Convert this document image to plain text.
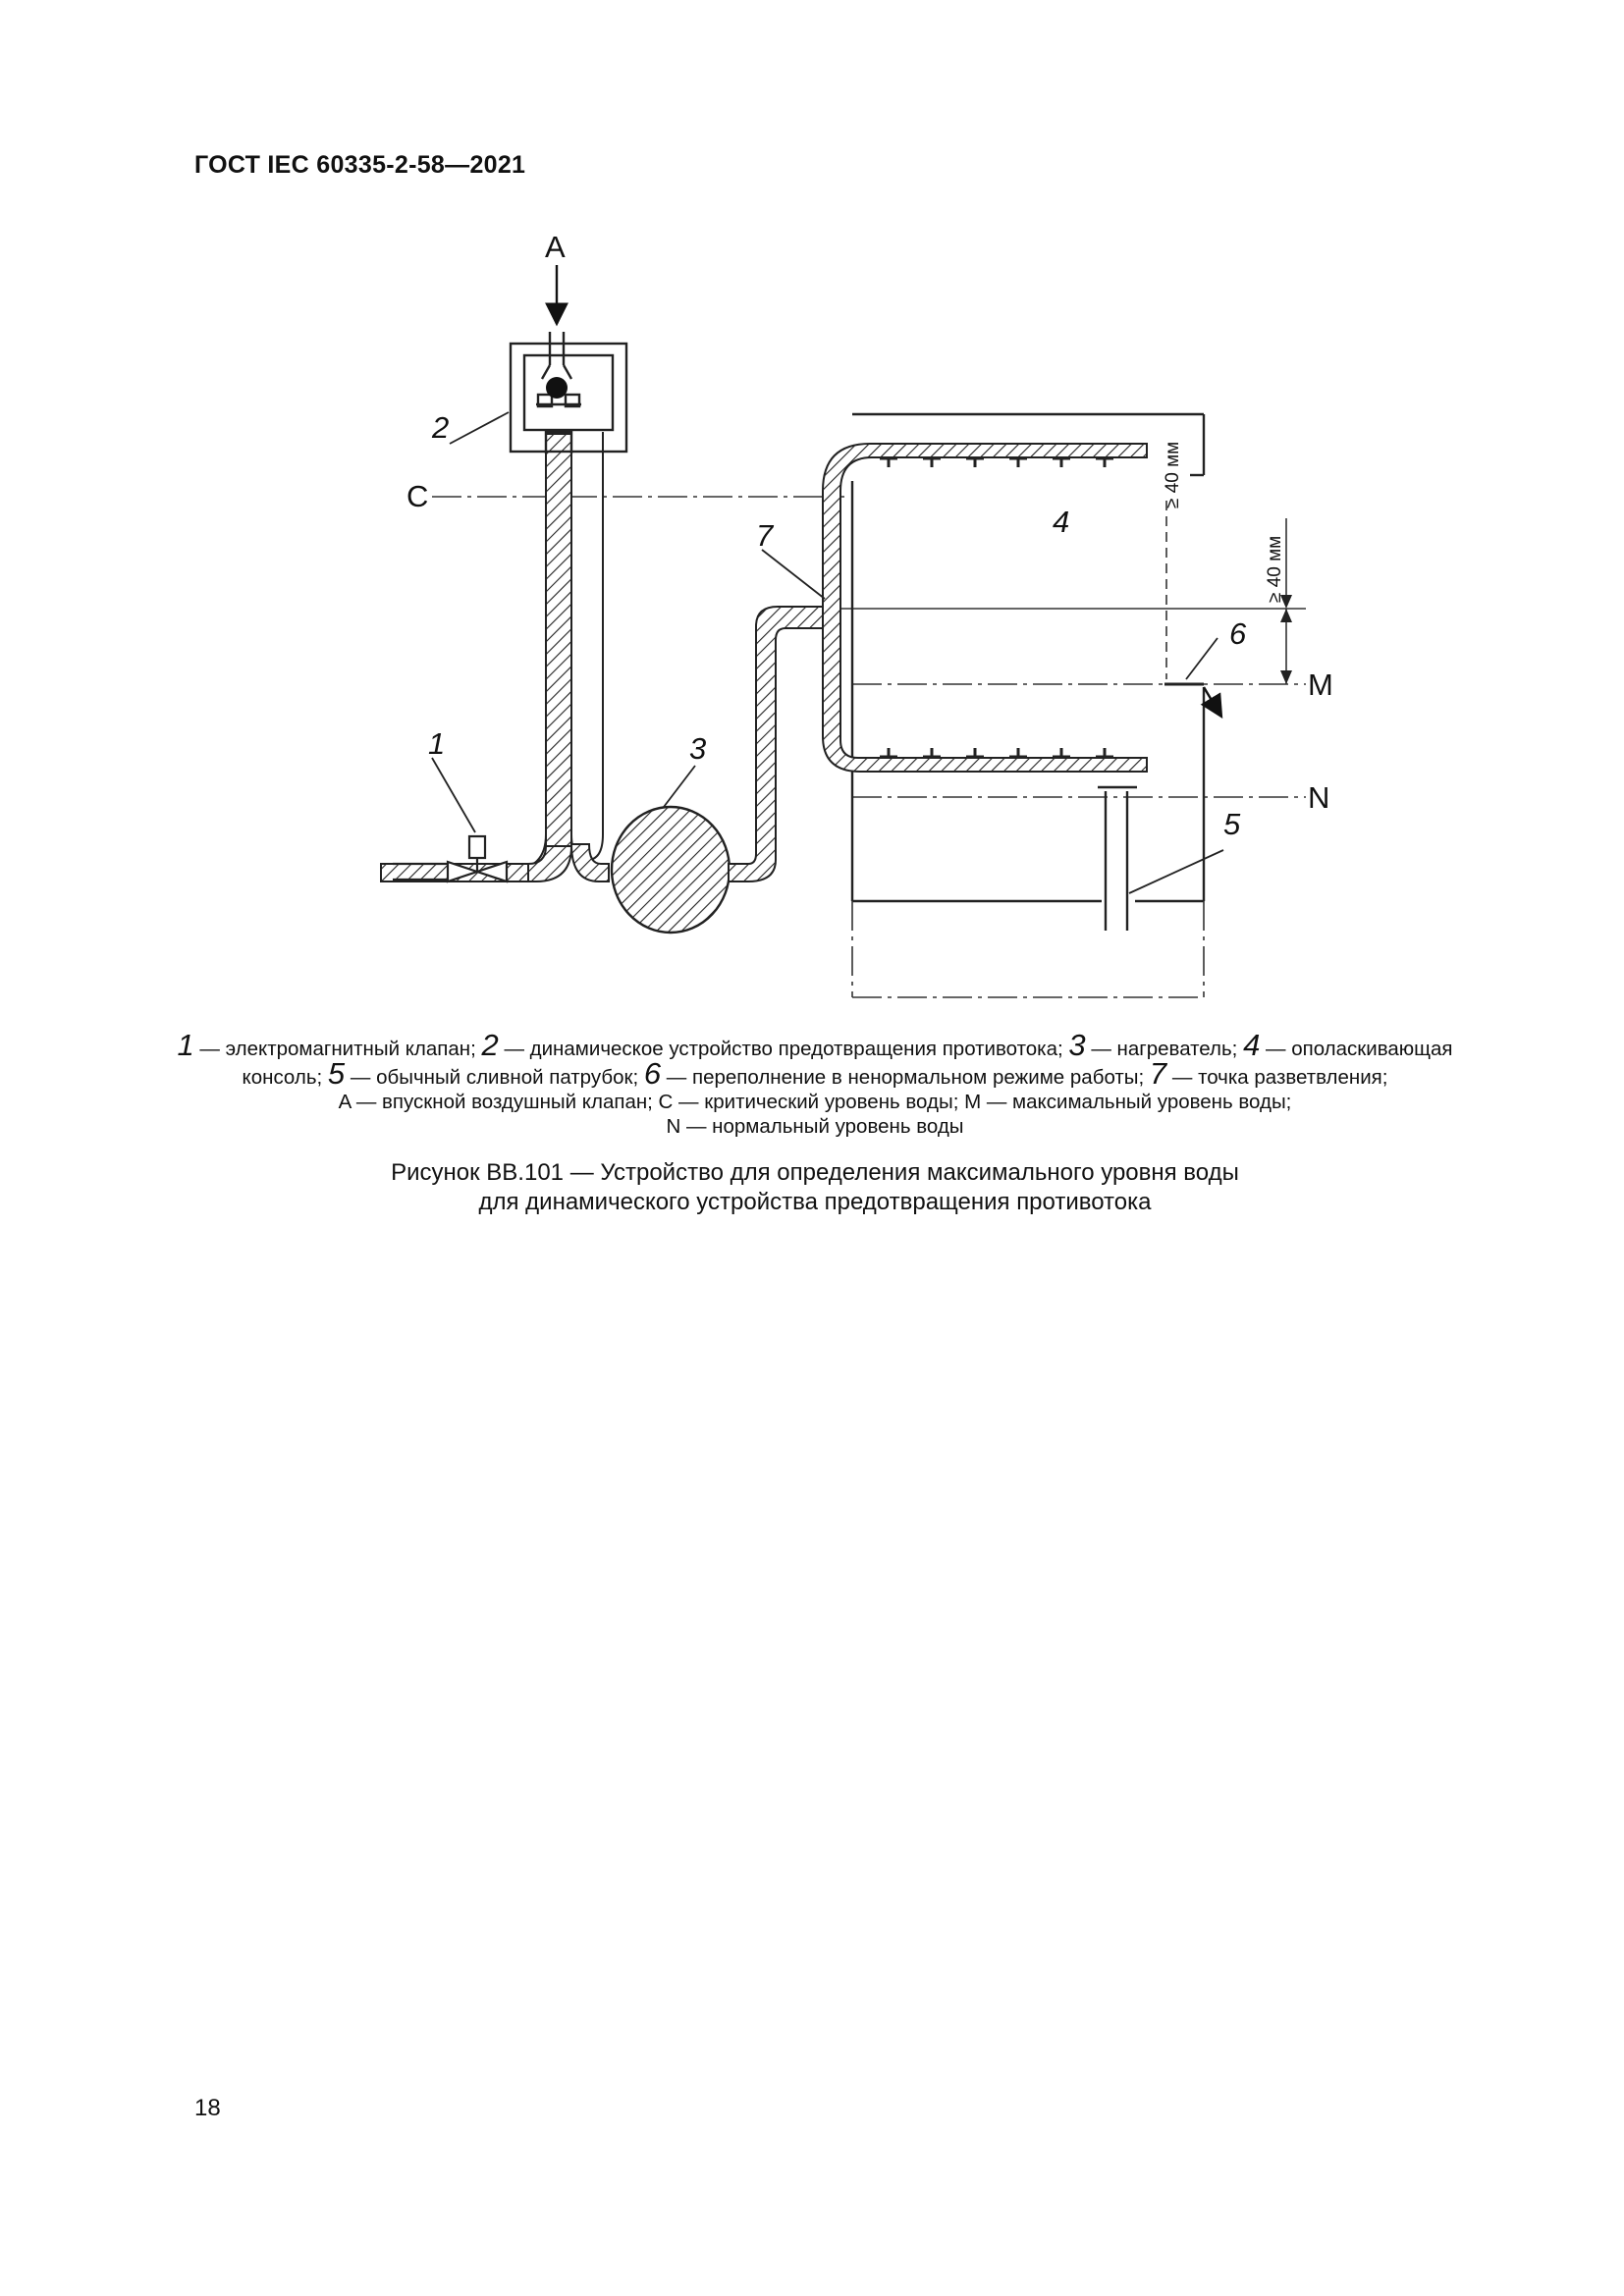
ГОСТ IEC 60335-2-58—2021
A
C
M
N
1
2
3
4
5
6
7
≥ 40 мм
≥ 40 мм
1 — электромагнитный клапан; 2 — динамическое устройство предотвращения противотока; 3 — нагреватель; 4 — ополаскивающая консоль; 5 — обычный сливной патрубок; 6 — переполнение в ненормальном режиме работы; 7 — точка разветвления;
A — впускной воздушный клапан; C — критический уровень воды; M — максимальный уровень воды;
N — нормальный уровень воды
Рисунок BB.101 — Устройство для определения максимального уровня воды
для динамического устройства предотвращения противотока
18
